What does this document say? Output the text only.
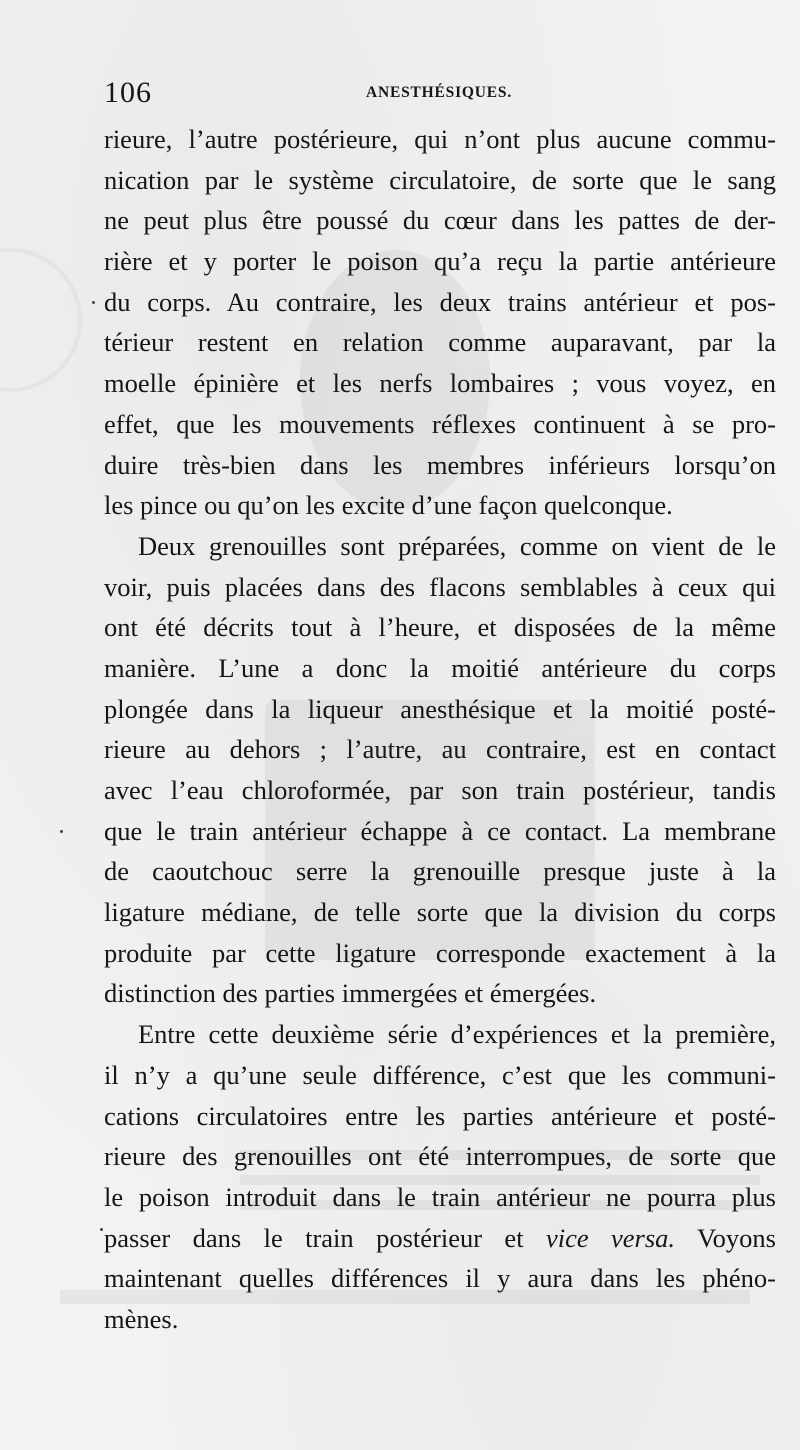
106	ANESTHÉSIQUES.
rieure, l’autre postérieure, qui n’ont plus aucune commu-
nication par le système circulatoire, de sorte que le sang
ne peut plus être poussé du cœur dans les pattes de der-
rière et y porter le poison qu’a reçu la partie antérieure
du corps. Au contraire, les deux trains antérieur et pos-
térieur restent en relation comme auparavant, par la
moelle épinière et les nerfs lombaires ; vous voyez, en
effet, que les mouvements réflexes continuent à se pro-
duire très-bien dans les membres inférieurs lorsqu’on
les pince ou qu’on les excite d’une façon quelconque.
Deux grenouilles sont préparées, comme on vient de le
voir, puis placées dans des flacons semblables à ceux qui
ont été décrits tout à l’heure, et disposées de la même
manière. L’une a donc la moitié antérieure du corps
plongée dans la liqueur anesthésique et la moitié posté-
rieure au dehors ; l’autre, au contraire, est en contact
avec l’eau chloroformée, par son train postérieur, tandis
que le train antérieur échappe à ce contact. La membrane
de caoutchouc serre la grenouille presque juste à la
ligature médiane, de telle sorte que la division du corps
produite par cette ligature corresponde exactement à la
distinction des parties immergées et émergées.
Entre cette deuxième série d’expériences et la première,
il n’y a qu’une seule différence, c’est que les communi-
cations circulatoires entre les parties antérieure et posté-
rieure des grenouilles ont été interrompues, de sorte que
le poison introduit dans le train antérieur ne pourra plus
passer dans le train postérieur et vice versa. Voyons
maintenant quelles différences il y aura dans les phéno-
mènes.
